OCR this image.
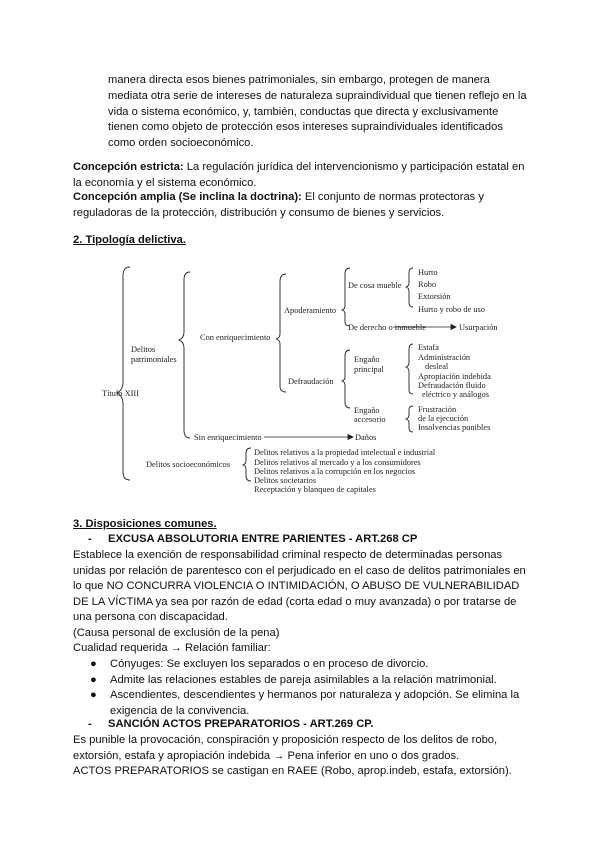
manera directa esos bienes patrimoniales, sin embargo, protegen de manera
mediata otra serie de intereses de naturaleza supraindividual que tienen reflejo en la
vida o sistema económico, y, también, conductas que directa y exclusivamente
tienen como objeto de protección esos intereses supraindividuales identificados
como orden socioeconómico.
Concepción estricta: La regulación jurídica del intervencionismo y participación estatal en
la economía y el sistema económico.
Concepción amplia (Se inclina la doctrina): El conjunto de normas protectoras y
reguladoras de la protección, distribución y consumo de bienes y servicios.
2. Tipología delictiva.
Título XIII
Delitos
patrimoniales
Con enriquecimiento
Apoderamiento
De cosa mueble
Hurto
Robo
Extorsión
Hurto y robo de uso
De derecho o inmueble	Usurpación
Defraudación
Engaño
principal
Estafa
Administración
desleal
Apropiación indebida
Defraudación fluido
eléctrico y análogos
Engaño
accesorio
Frustración
de la ejecución
Insolvencias punibles
Sin enriquecimiento	Daños
Delitos socioeconómicos
Delitos relativos a la propiedad intelectual e industrial
Delitos relativos al mercado y a los consumidores
Delitos relativos a la corrupción en los negocios
Delitos societarios
Receptación y blanqueo de capitales
3. Disposiciones comunes.
- EXCUSA ABSOLUTORIA ENTRE PARIENTES - ART.268 CP
Establece la exención de responsabilidad criminal respecto de determinadas personas
unidas por relación de parentesco con el perjudicado en el caso de delitos patrimoniales en
lo que NO CONCURRA VIOLENCIA O INTIMIDACIÓN, O ABUSO DE VULNERABILIDAD
DE LA VÍCTIMA ya sea por razón de edad (corta edad o muy avanzada) o por tratarse de
una persona con discapacidad.
(Causa personal de exclusión de la pena)
Cualidad requerida → Relación familiar:
● Cónyuges: Se excluyen los separados o en proceso de divorcio.
● Admite las relaciones estables de pareja asimilables a la relación matrimonial.
● Ascendientes, descendientes y hermanos por naturaleza y adopción. Se elimina la
exigencia de la convivencia.
- SANCIÓN ACTOS PREPARATORIOS - ART.269 CP.
Es punible la provocación, conspiración y proposición respecto de los delitos de robo,
extorsión, estafa y apropiación indebida → Pena inferior en uno o dos grados.
ACTOS PREPARATORIOS se castigan en RAEE (Robo, aprop.indeb, estafa, extorsión).
